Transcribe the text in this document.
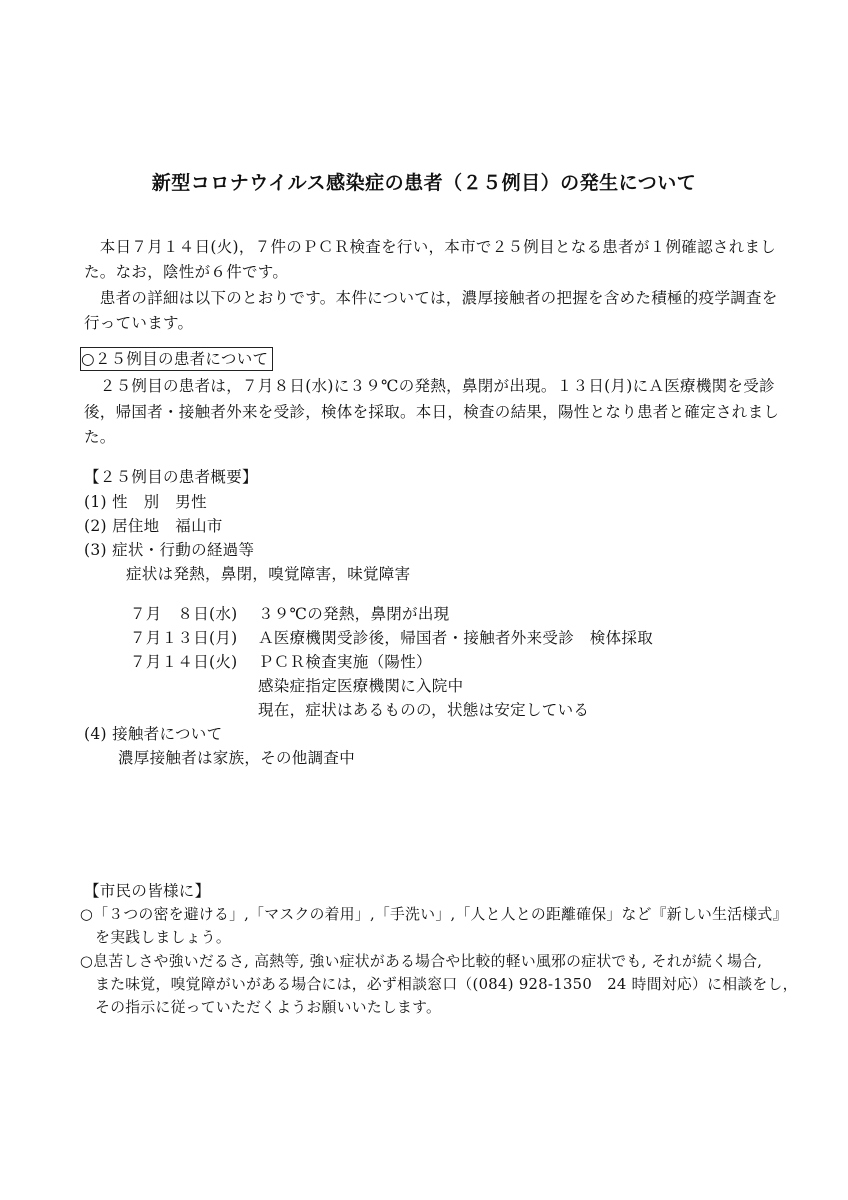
新型コロナウイルス感染症の患者（２５例目）の発生について
　本日７月１４日(火)，７件のＰＣＲ検査を行い，本市で２５例目となる患者が１例確認されまし
た。なお，陰性が６件です。
　患者の詳細は以下のとおりです。本件については，濃厚接触者の把握を含めた積極的疫学調査を
行っています。
○２５例目の患者について
　２５例目の患者は，７月８日(水)に３９℃の発熱，鼻閉が出現。１３日(月)にＡ医療機関を受診
後，帰国者・接触者外来を受診，検体を採取。本日，検査の結果，陽性となり患者と確定されまし
た。
【２５例目の患者概要】
(1) 性　別　男性
(2) 居住地　福山市
(3) 症状・行動の経過等
症状は発熱，鼻閉，嗅覚障害，味覚障害
７月　８日(水) ３９℃の発熱，鼻閉が出現
７月１３日(月) Ａ医療機関受診後，帰国者・接触者外来受診　検体採取
７月１４日(火) ＰＣＲ検査実施（陽性）
感染症指定医療機関に入院中
現在，症状はあるものの，状態は安定している
(4) 接触者について
濃厚接触者は家族，その他調査中
【市民の皆様に】
○「３つの密を避ける」,「マスクの着用」,「手洗い」,「人と人との距離確保」など『新しい生活様式』
　を実践しましょう。
○息苦しさや強いだるさ, 高熱等, 強い症状がある場合や比較的軽い風邪の症状でも, それが続く場合,
　また味覚，嗅覚障がいがある場合には，必ず相談窓口（(084) 928-1350　24 時間対応）に相談をし，
　その指示に従っていただくようお願いいたします。
